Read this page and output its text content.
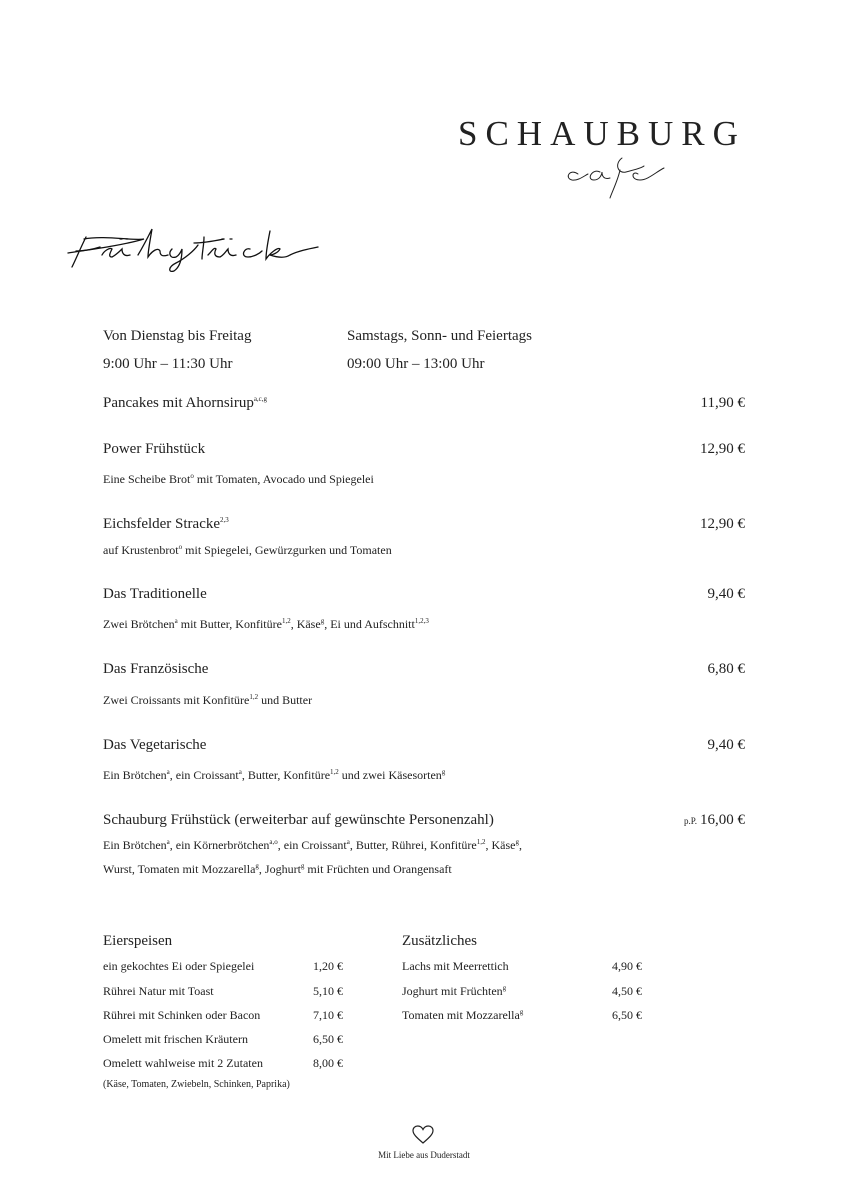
SCHAUBURG
Von Dienstag bis Freitag
9:00 Uhr – 11:30 Uhr
Samstags, Sonn- und Feiertags
09:00 Uhr – 13:00 Uhr
Pancakes mit Ahornsirup$^{a,c,g}$	11,90 €
Power Frühstück	12,90 €
Eine Scheibe Brot$^o$ mit Tomaten, Avocado und Spiegelei
Eichsfelder Stracke$^{2,3}$	12,90 €
auf Krustenbrot$^o$ mit Spiegelei, Gewürzgurken und Tomaten
Das Traditionelle	9,40 €
Zwei Brötchen$^a$ mit Butter, Konfitüre$^{1,2}$, Käse$^g$, Ei und Aufschnitt$^{1,2,3}$
Das Französische	6,80 €
Zwei Croissants mit Konfitüre$^{1,2}$ und Butter
Das Vegetarische	9,40 €
Ein Brötchen$^a$, ein Croissant$^a$, Butter, Konfitüre$^{1,2}$ und zwei Käsesorten$^g$
Schauburg Frühstück (erweiterbar auf gewünschte Personenzahl)	p.P. 16,00 €
Ein Brötchen$^a$, ein Körnerbrötchen$^{a,o}$, ein Croissant$^a$, Butter, Rührei, Konfitüre$^{1,2}$, Käse$^g$,
Wurst, Tomaten mit Mozzarella$^g$, Joghurt$^g$ mit Früchten und Orangensaft
Eierspeisen
ein gekochtes Ei oder Spiegelei	1,20 €
Rührei Natur mit Toast	5,10 €
Rührei mit Schinken oder Bacon	7,10 €
Omelett mit frischen Kräutern	6,50 €
Omelett wahlweise mit 2 Zutaten	8,00 €
(Käse, Tomaten, Zwiebeln, Schinken, Paprika)
Zusätzliches
Lachs mit Meerrettich	4,90 €
Joghurt mit Früchten$^g$	4,50 €
Tomaten mit Mozzarella$^g$	6,50 €
Mit Liebe aus Duderstadt
